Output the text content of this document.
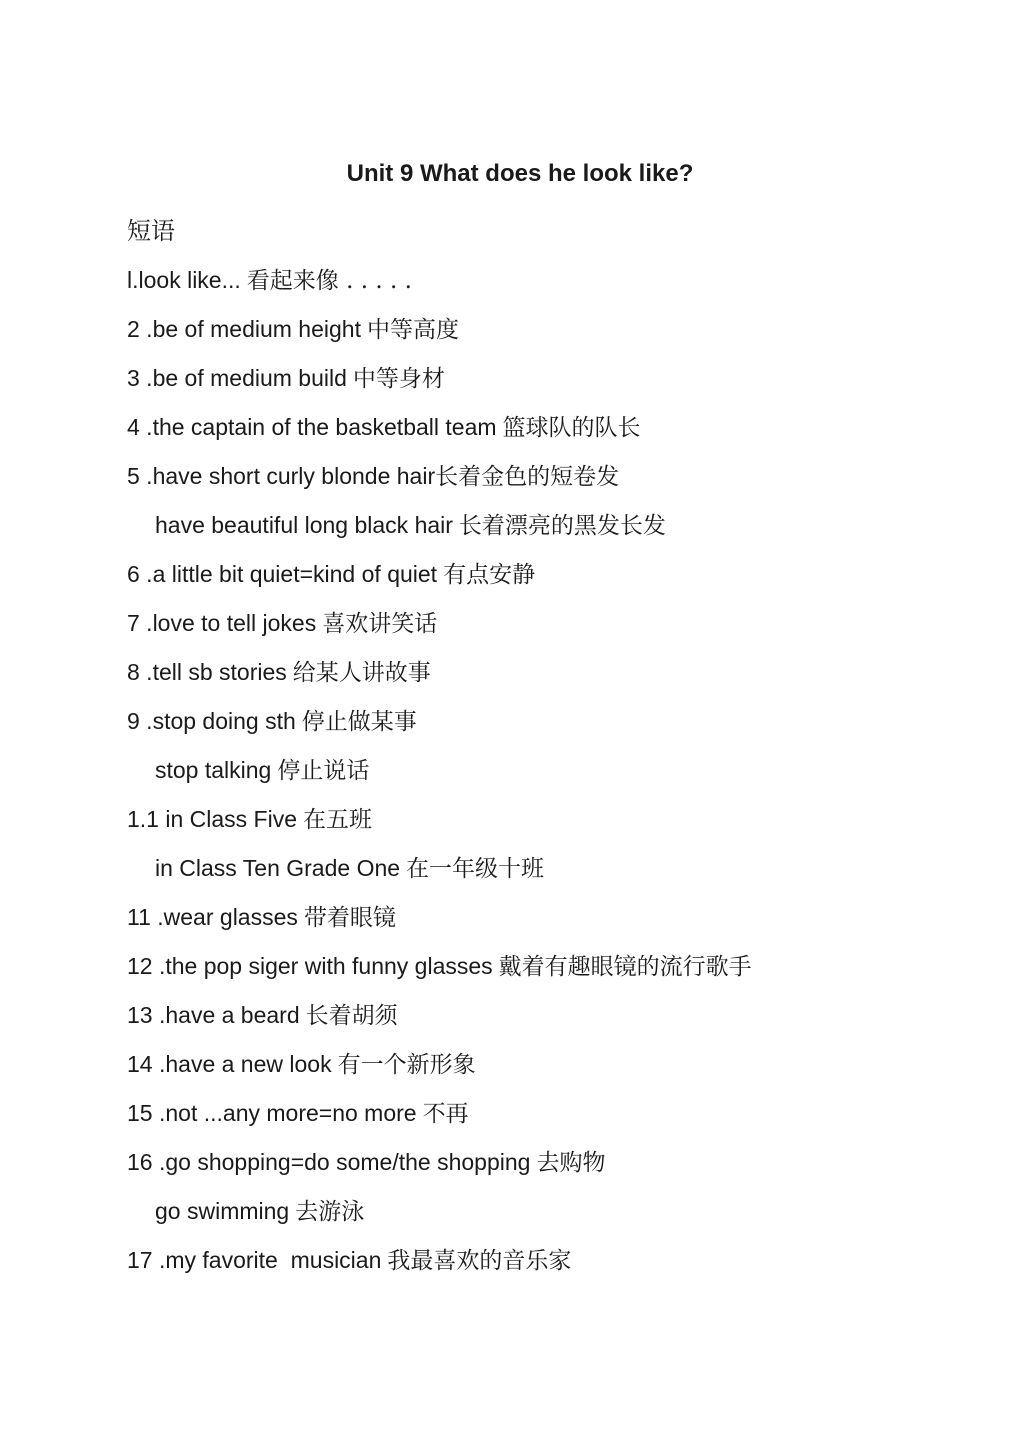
Unit 9 What does he look like?
短语
l.look like... 看起来像 . . . . .
2 .be of medium height 中等高度
3 .be of medium build 中等身材
4 .the captain of the basketball team 篮球队的队长
5 .have short curly blonde hair长着金色的短卷发
have beautiful long black hair 长着漂亮的黑发长发
6 .a little bit quiet=kind of quiet 有点安静
7 .love to tell jokes 喜欢讲笑话
8 .tell sb stories 给某人讲故事
9 .stop doing sth 停止做某事
stop talking 停止说话
1.1 in Class Five 在五班
in Class Ten Grade One 在一年级十班
11 .wear glasses 带着眼镜
12 .the pop siger with funny glasses 戴着有趣眼镜的流行歌手
13 .have a beard 长着胡须
14 .have a new look 有一个新形象
15 .not ...any more=no more 不再
16 .go shopping=do some/the shopping 去购物
go swimming 去游泳
17 .my favorite  musician 我最喜欢的音乐家
